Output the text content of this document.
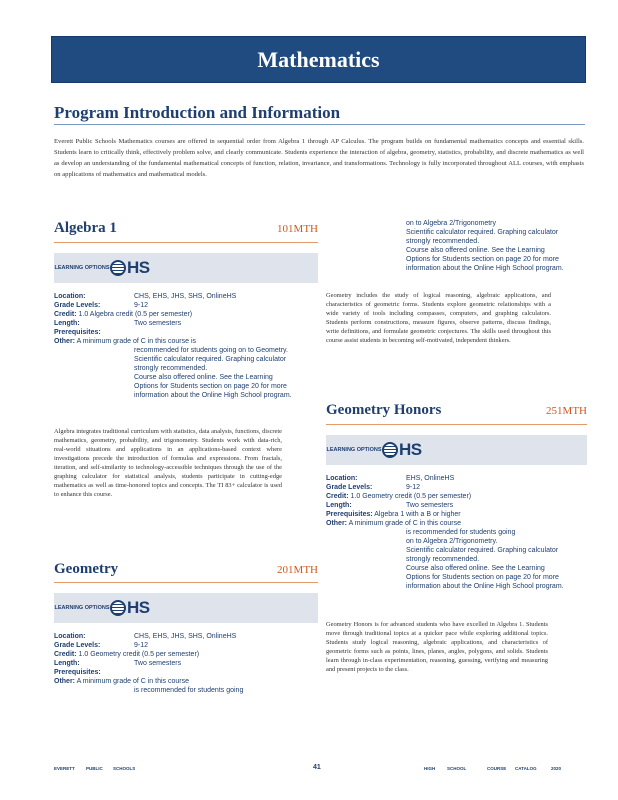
Mathematics
Program Introduction and Information
Everett Public Schools Mathematics courses are offered in sequential order from Algebra 1 through AP Calculus. The program builds on fundamental mathematics concepts and essential skills. Students learn to critically think, effectively problem solve, and clearly communicate. Students experience the interaction of algebra, geometry, statistics, probability, and discrete mathematics as well as develop an understanding of the fundamental mathematical concepts of function, relation, invariance, and transformations. Technology is fully incorporated throughout ALL courses, with emphasis on applications of mathematics and mathematical models.
Algebra 1	101MTH
LEARNING OPTIONS HS
Location:	CHS, EHS, JHS, SHS, OnlineHS
Grade Levels:	9-12
Credit: 1.0 Algebra credit (0.5 per semester)
Length:	Two semesters
Prerequisites:
Other: A minimum grade of C in this course is
recommended for students going on to Geometry.
Scientific calculator required. Graphing calculator
strongly recommended.
Course also offered online. See the Learning
Options for Students section on page 20 for more
information about the Online High School program.
Algebra integrates traditional curriculum with statistics, data analysis, functions, discrete mathematics, geometry, probability, and trigonometry. Students work with data-rich, real-world situations and applications in an applications-based context where investigations precede the introduction of formulas and expressions. From fractals, iteration, and self-similarity to technology-accessible techniques through the use of the graphing calculator for statistical analysis, students participate in cutting-edge mathematics as well as time-honored topics and concepts. The TI 83+ calculator is used to enhance this course.
Geometry	201MTH
LEARNING OPTIONS HS
Location:	CHS, EHS, JHS, SHS, OnlineHS
Grade Levels:	9-12
Credit: 1.0 Geometry credit (0.5 per semester)
Length:	Two semesters
Prerequisites:
Other: A minimum grade of C in this course
is recommended for students going
on to Algebra 2/Trigonometry
Scientific calculator required. Graphing calculator
strongly recommended.
Course also offered online. See the Learning
Options for Students section on page 20 for more
information about the Online High School program.
Geometry includes the study of logical reasoning, algebraic applications, and characteristics of geometric forms. Students explore geometric relationships with a wide variety of tools including compasses, computers, and graphing calculators. Students perform constructions, measure figures, observe patterns, discuss findings, write definitions, and formulate geometric conjectures. The skills used throughout this course assist students in becoming self-motivated, independent thinkers.
Geometry Honors	251MTH
LEARNING OPTIONS HS
Location:	EHS, OnlineHS
Grade Levels:	9-12
Credit: 1.0 Geometry credit (0.5 per semester)
Length:	Two semesters
Prerequisites: Algebra 1 with a B or higher
Other: A minimum grade of C in this course
is recommended for students going
on to Algebra 2/Trigonometry.
Scientific calculator required. Graphing calculator
strongly recommended.
Course also offered online. See the Learning
Options for Students section on page 20 for more
information about the Online High School program.
Geometry Honors is for advanced students who have excelled in Algebra 1. Students move through traditional topics at a quicker pace while exploring additional topics. Students study logical reasoning, algebraic applications, and characteristics of geometric forms such as points, lines, planes, angles, polygons, and solids. Students learn through in-class experimentation, reasoning, guessing, verifying and measuring and present projects to the class.
EVERETT PUBLIC SCHOOLS	41	HIGH	SCHOOL	COURSE CATALOG	2020
